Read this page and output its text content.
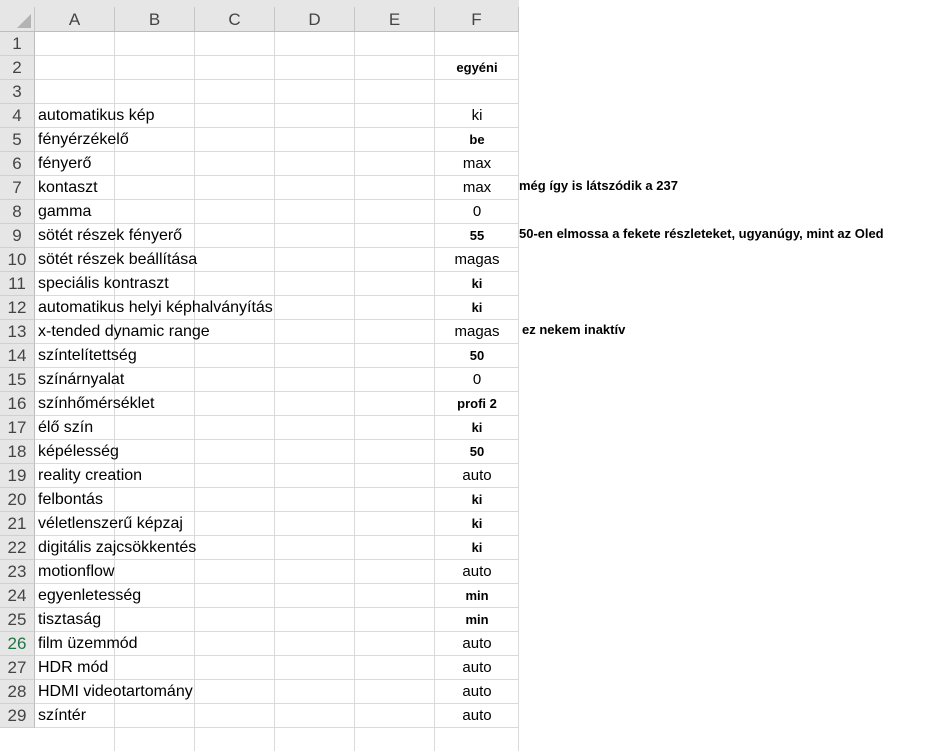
A	B	C	D	E	F
1
2	egyéni
3
4	automatikus kép	ki
5	fényérzékelő	be
6	fényerő	max
7	kontaszt	max	még így is látszódik a 237
8	gamma	0
9	sötét részek fényerő	55	50-en elmossa a fekete részleteket, ugyanúgy, mint az Oled
10 sötét részek beállítása	magas
11 speciális kontraszt	ki
12 automatikus helyi képhalványítás	ki
13 x-tended dynamic range	magas	ez nekem inaktív
14 színtelítettség	50
15 színárnyalat	0
16 színhőmérséklet	profi 2
17 élő szín	ki
18 képélesség	50
19 reality creation	auto
20 felbontás	ki
21 véletlenszerű képzaj	ki
22 digitális zajcsökkentés	ki
23 motionflow	auto
24 egyenletesség	min
25 tisztaság	min
26 film üzemmód	auto
27 HDR mód	auto
28 HDMI videotartomány	auto
29 színtér	auto
